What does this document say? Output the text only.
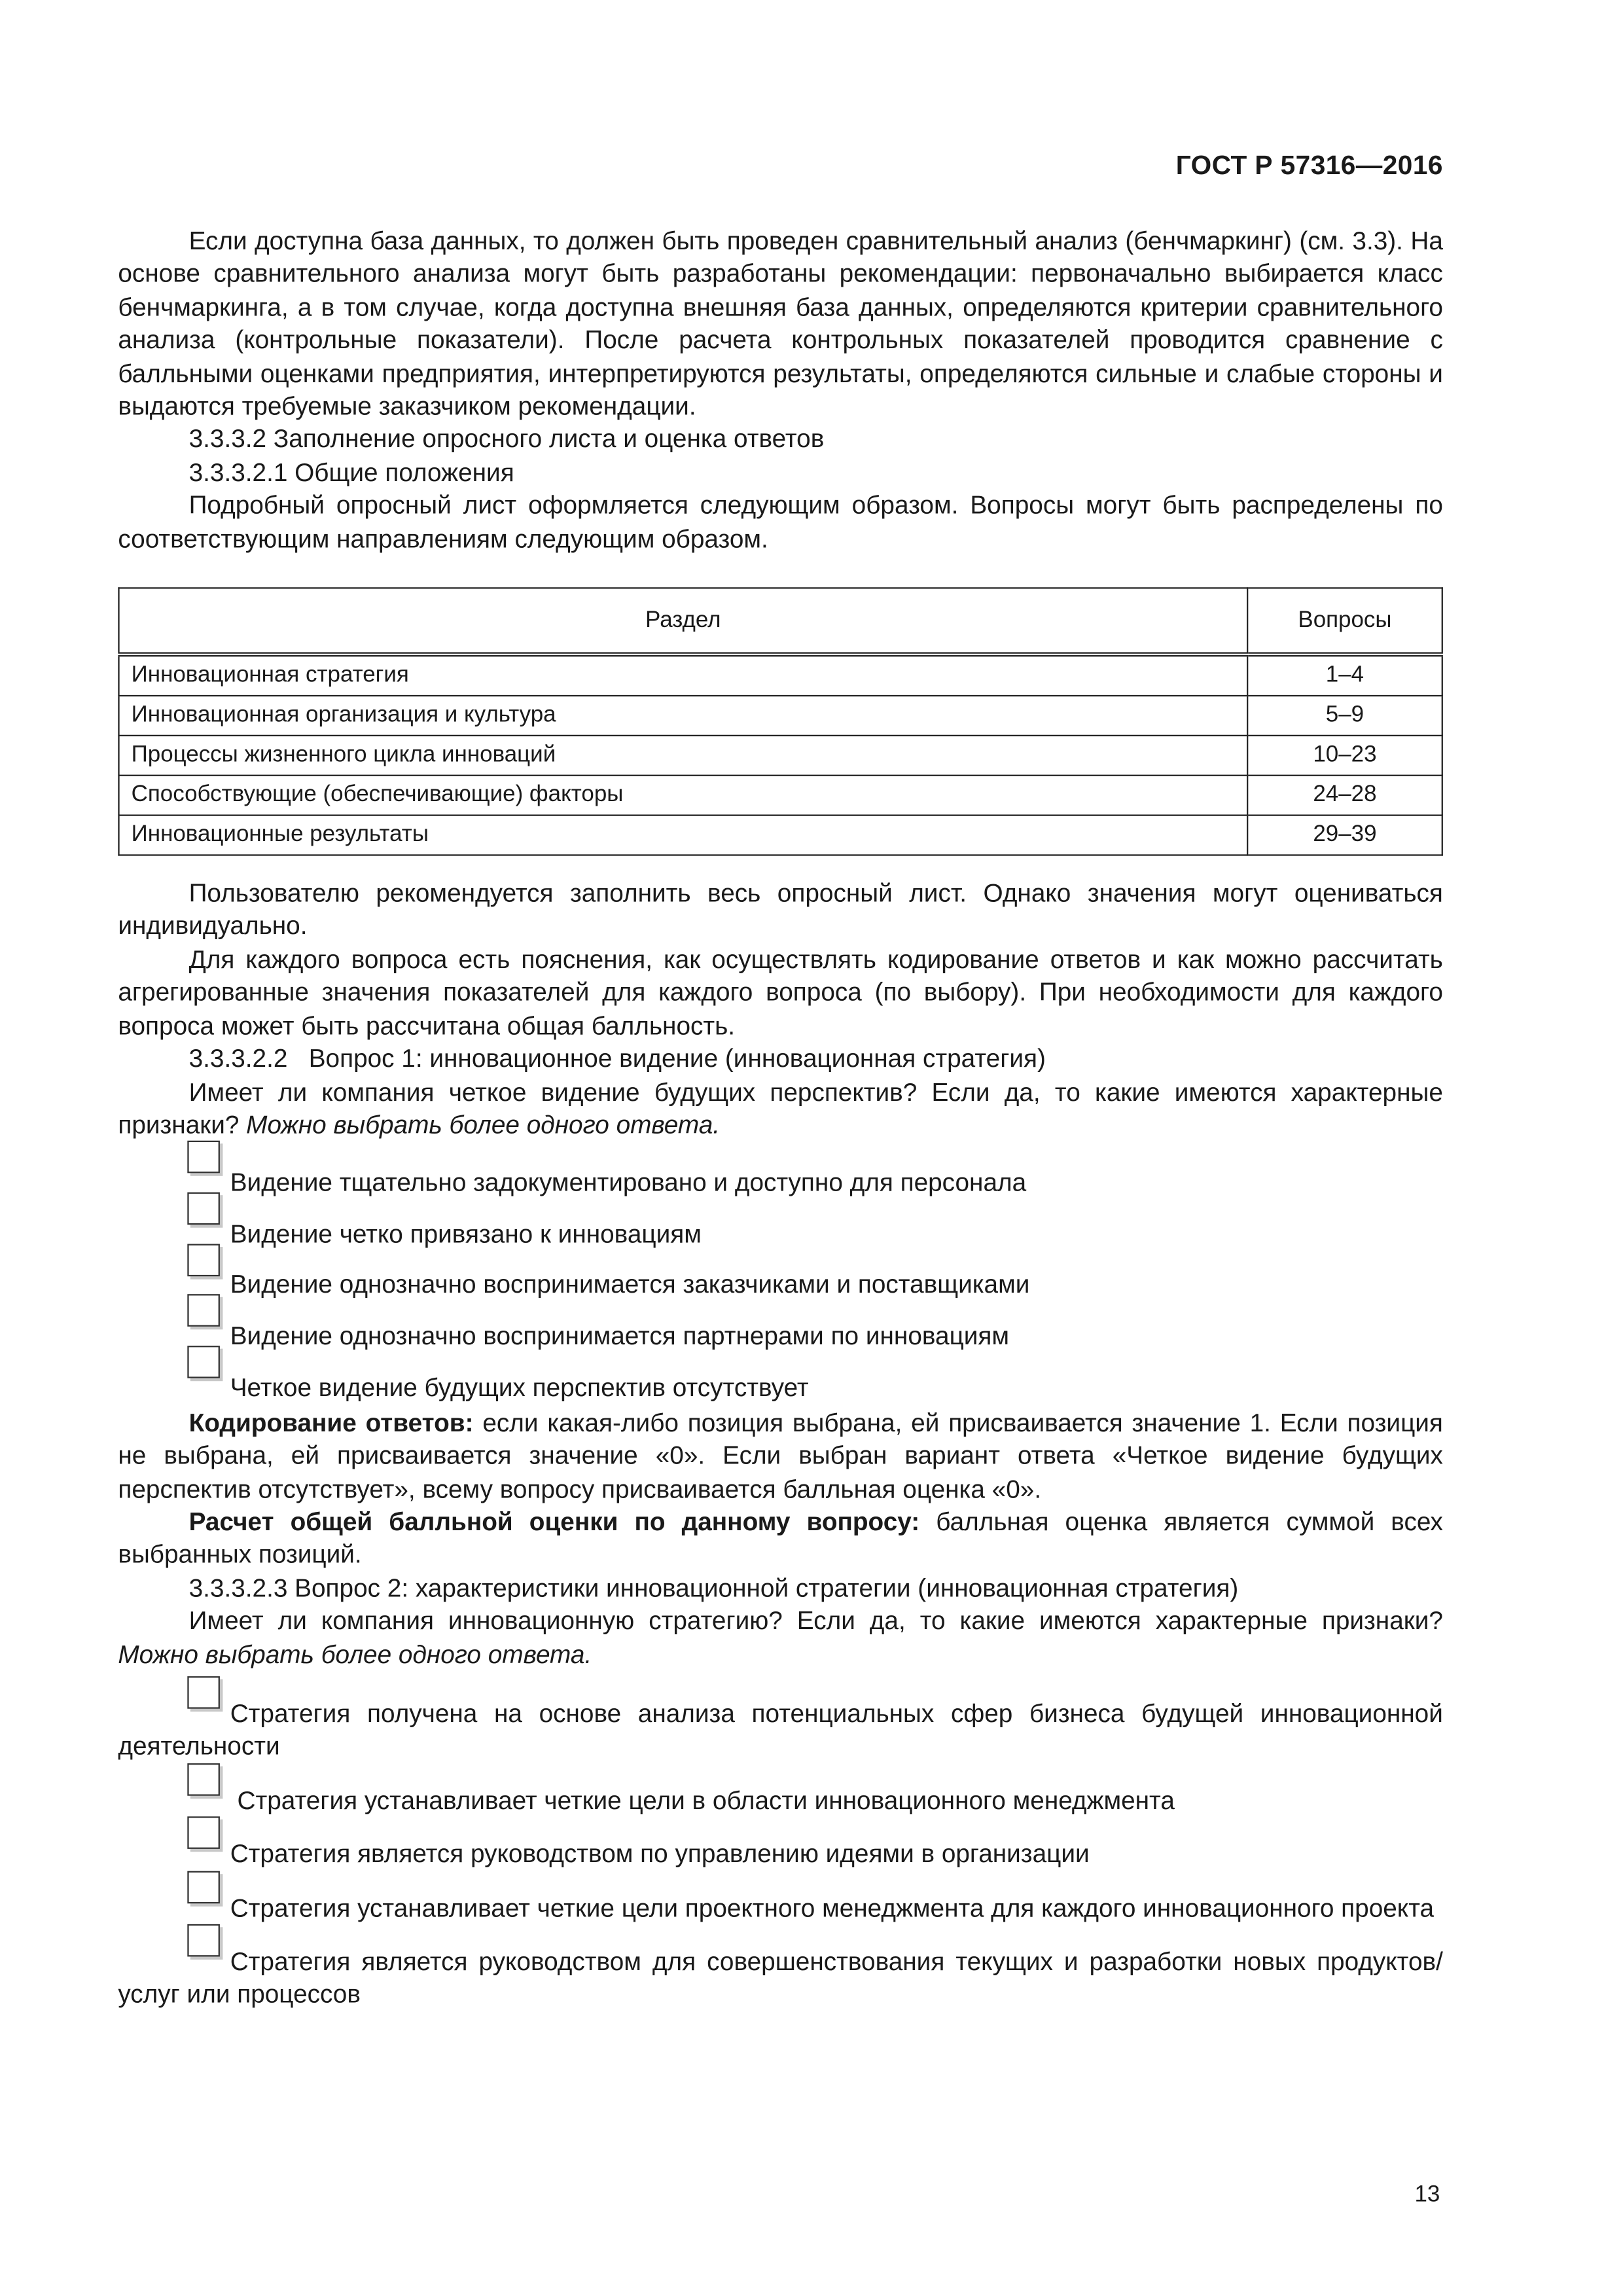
ГОСТ Р 57316—2016

Если доступна база данных, то должен быть проведен сравнительный анализ (бенчмаркинг) (см. 3.3). На основе сравнительного анализа могут быть разработаны рекомендации: первоначально выбирается класс бенчмаркинга, а в том случае, когда доступна внешняя база данных, определяются критерии сравнительного анализа (контрольные показатели). После расчета контрольных показателей проводится сравнение с балльными оценками предприятия, интерпретируются результаты, определяются сильные и слабые стороны и выдаются требуемые заказчиком рекомендации.

3.3.3.2 Заполнение опросного листа и оценка ответов

3.3.3.2.1 Общие положения

Подробный опросный лист оформляется следующим образом. Вопросы могут быть распределены по соответствующим направлениям следующим образом.

Раздел	Вопросы
Инновационная стратегия	1–4
Инновационная организация и культура	5–9
Процессы жизненного цикла инноваций	10–23
Способствующие (обеспечивающие) факторы	24–28
Инновационные результаты	29–39

Пользователю рекомендуется заполнить весь опросный лист. Однако значения могут оцениваться индивидуально.

Для каждого вопроса есть пояснения, как осуществлять кодирование ответов и как можно рассчитать агрегированные значения показателей для каждого вопроса (по выбору). При необходимости для каждого вопроса может быть рассчитана общая балльность.

3.3.3.2.2   Вопрос 1: инновационное видение (инновационная стратегия)

Имеет ли компания четкое видение будущих перспектив? Если да, то какие имеются характерные признаки? Можно выбрать более одного ответа.

Видение тщательно задокументировано и доступно для персонала

Видение четко привязано к инновациям

Видение однозначно воспринимается заказчиками и поставщиками

Видение однозначно воспринимается партнерами по инновациям

Четкое видение будущих перспектив отсутствует

Кодирование ответов: если какая-либо позиция выбрана, ей присваивается значение 1. Если позиция не выбрана, ей присваивается значение «0». Если выбран вариант ответа «Четкое видение будущих перспектив отсутствует», всему вопросу присваивается балльная оценка «0».

Расчет общей балльной оценки по данному вопросу: балльная оценка является суммой всех выбранных позиций.

3.3.3.2.3 Вопрос 2: характеристики инновационной стратегии (инновационная стратегия)

Имеет ли компания инновационную стратегию? Если да, то какие имеются характерные признаки? Можно выбрать более одного ответа.

Стратегия получена на основе анализа потенциальных сфер бизнеса будущей инновационной деятельности

Стратегия устанавливает четкие цели в области инновационного менеджмента

Стратегия является руководством по управлению идеями в организации

Стратегия устанавливает четкие цели проектного менеджмента для каждого инновационного проекта

Стратегия является руководством для совершенствования текущих и разработки новых продуктов/услуг или процессов

13
